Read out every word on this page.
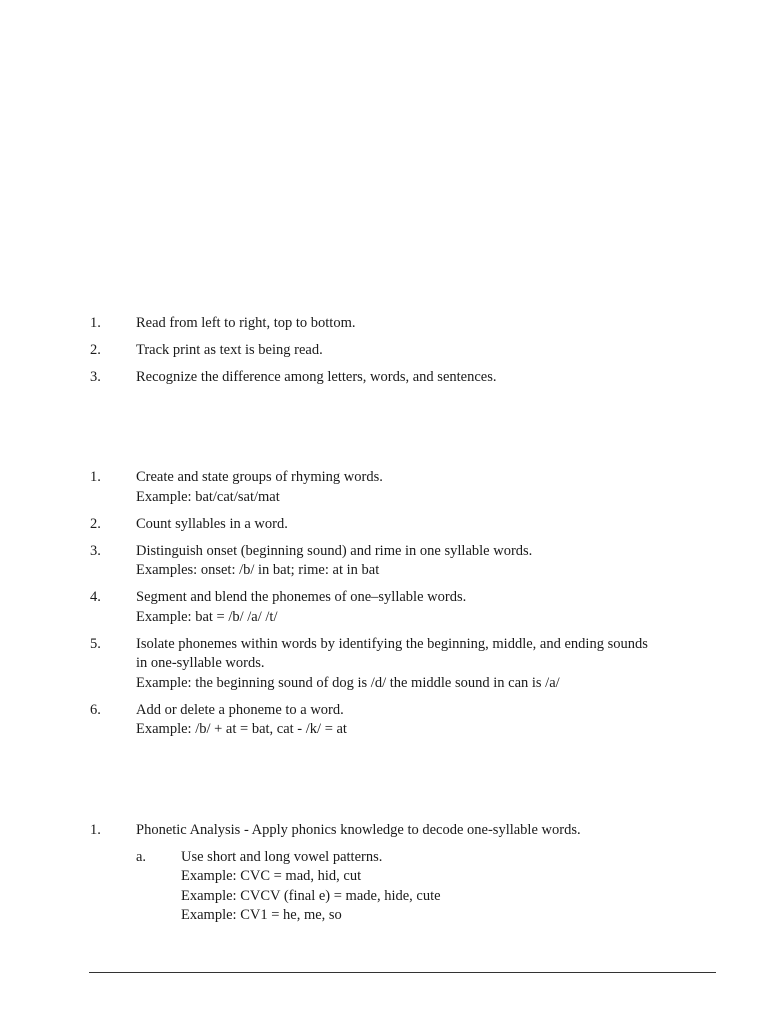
1. Read from left to right, top to bottom.
2. Track print as text is being read.
3. Recognize the difference among letters, words, and sentences.
1. Create and state groups of rhyming words.
Example: bat/cat/sat/mat
2. Count syllables in a word.
3. Distinguish onset (beginning sound) and rime in one syllable words.
Examples: onset: /b/ in bat; rime: at in bat
4. Segment and blend the phonemes of one–syllable words.
Example: bat = /b/ /a/ /t/
5. Isolate phonemes within words by identifying the beginning, middle, and ending sounds
in one-syllable words.
Example: the beginning sound of dog is /d/ the middle sound in can is /a/
6. Add or delete a phoneme to a word.
Example: /b/ + at = bat, cat - /k/ = at
1. Phonetic Analysis - Apply phonics knowledge to decode one-syllable words.
a. Use short and long vowel patterns.
Example: CVC = mad, hid, cut
Example: CVCV (final e) = made, hide, cute
Example: CV1 = he, me, so
